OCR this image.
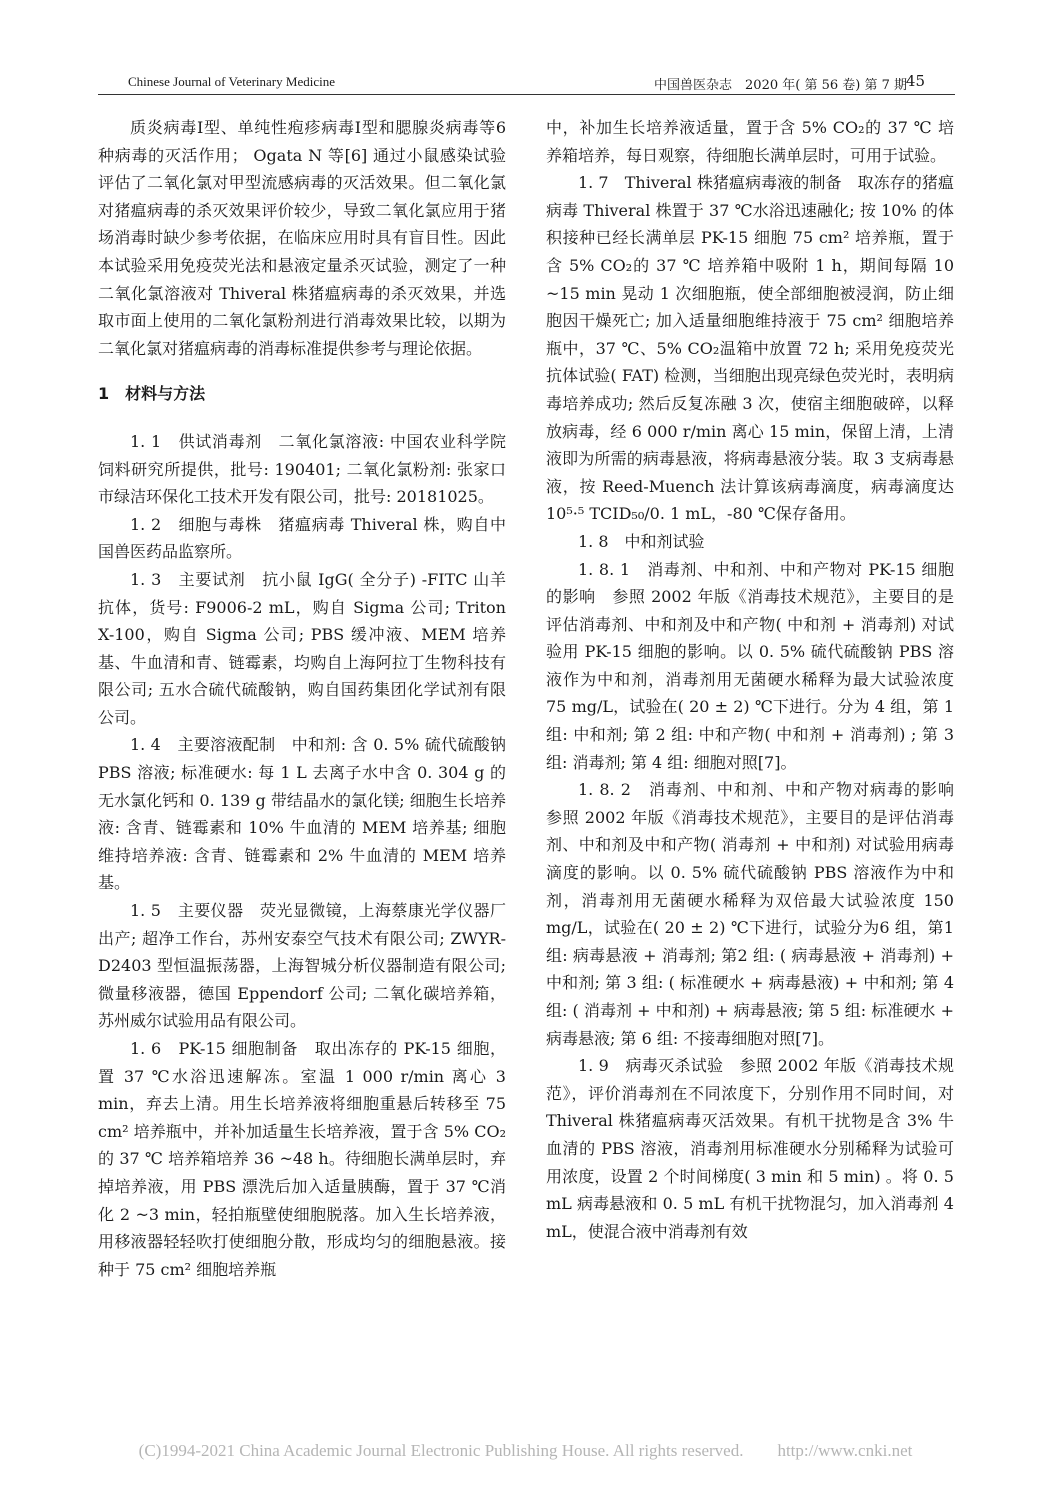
Chinese Journal of Veterinary Medicine	中国兽医杂志　2020 年( 第 56 卷) 第 7 期
45

质炎病毒Ⅰ型、单纯性疱疹病毒Ⅰ型和腮腺炎病毒等6 种病毒的灭活作用； Ogata N 等[6] 通过小鼠感染试验评估了二氧化氯对甲型流感病毒的灭活效果。但二氧化氯对猪瘟病毒的杀灭效果评价较少，导致二氧化氯应用于猪场消毒时缺少参考依据，在临床应用时具有盲目性。因此本试验采用免疫荧光法和悬液定量杀灭试验，测定了一种二氧化氯溶液对 Thiveral 株猪瘟病毒的杀灭效果，并选取市面上使用的二氧化氯粉剂进行消毒效果比较，以期为二氧化氯对猪瘟病毒的消毒标准提供参考与理论依据。

1　材料与方法

1. 1　供试消毒剂　二氧化氯溶液: 中国农业科学院饲料研究所提供，批号: 190401; 二氧化氯粉剂: 张家口市绿洁环保化工技术开发有限公司，批号: 20181025。

1. 2　细胞与毒株　猪瘟病毒 Thiveral 株，购自中国兽医药品监察所。

1. 3　主要试剂　抗小鼠 IgG( 全分子) -FITC 山羊抗体，货号: F9006-2 mL，购自 Sigma 公司; Triton X-100，购自 Sigma 公司; PBS 缓冲液、MEM 培养基、牛血清和青、链霉素，均购自上海阿拉丁生物科技有限公司; 五水合硫代硫酸钠，购自国药集团化学试剂有限公司。

1. 4　主要溶液配制　中和剂: 含 0. 5% 硫代硫酸钠 PBS 溶液; 标准硬水: 每 1 L 去离子水中含 0. 304 g 的无水氯化钙和 0. 139 g 带结晶水的氯化镁; 细胞生长培养液: 含青、链霉素和 10% 牛血清的 MEM 培养基; 细胞维持培养液: 含青、链霉素和 2% 牛血清的 MEM 培养基。

1. 5　主要仪器　荧光显微镜，上海蔡康光学仪器厂出产; 超净工作台，苏州安泰空气技术有限公司; ZWYR-D2403 型恒温振荡器，上海智城分析仪器制造有限公司; 微量移液器，德国 Eppendorf 公司; 二氧化碳培养箱，苏州威尔试验用品有限公司。

1. 6　PK-15 细胞制备　取出冻存的 PK-15 细胞，置 37 ℃水浴迅速解冻。室温 1 000 r/min 离心 3 min，弃去上清。用生长培养液将细胞重悬后转移至 75 cm² 培养瓶中，并补加适量生长培养液，置于含 5% CO₂的 37 ℃ 培养箱培养 36 ~48 h。待细胞长满单层时，弃掉培养液，用 PBS 漂洗后加入适量胰酶，置于 37 ℃消化 2 ~3 min，轻拍瓶壁使细胞脱落。加入生长培养液，用移液器轻轻吹打使细胞分散，形成均匀的细胞悬液。接种于 75 cm² 细胞培养瓶

中，补加生长培养液适量，置于含 5% CO₂的 37 ℃ 培养箱培养，每日观察，待细胞长满单层时，可用于试验。

1. 7　Thiveral 株猪瘟病毒液的制备　取冻存的猪瘟病毒 Thiveral 株置于 37 ℃水浴迅速融化; 按 10% 的体积接种已经长满单层 PK-15 细胞 75 cm² 培养瓶，置于含 5% CO₂的 37 ℃ 培养箱中吸附 1 h，期间每隔 10 ~15 min 晃动 1 次细胞瓶，使全部细胞被浸润，防止细胞因干燥死亡; 加入适量细胞维持液于 75 cm² 细胞培养瓶中，37 ℃、5% CO₂温箱中放置 72 h; 采用免疫荧光抗体试验( FAT) 检测，当细胞出现亮绿色荧光时，表明病毒培养成功; 然后反复冻融 3 次，使宿主细胞破碎，以释放病毒，经 6 000 r/min 离心 15 min，保留上清，上清液即为所需的病毒悬液，将病毒悬液分装。取 3 支病毒悬液，按 Reed-Muench 法计算该病毒滴度，病毒滴度达 10⁵·⁵ TCID₅₀/0. 1 mL，-80 ℃保存备用。

1. 8　中和剂试验

1. 8. 1　消毒剂、中和剂、中和产物对 PK-15 细胞的影响　参照 2002 年版《消毒技术规范》，主要目的是评估消毒剂、中和剂及中和产物( 中和剂 + 消毒剂) 对试验用 PK-15 细胞的影响。以 0. 5% 硫代硫酸钠 PBS 溶液作为中和剂，消毒剂用无菌硬水稀释为最大试验浓度 75 mg/L，试验在( 20 ± 2) ℃下进行。分为 4 组，第 1 组: 中和剂; 第 2 组: 中和产物( 中和剂 + 消毒剂) ; 第 3 组: 消毒剂; 第 4 组: 细胞对照[7]。

1. 8. 2　消毒剂、中和剂、中和产物对病毒的影响　参照 2002 年版《消毒技术规范》，主要目的是评估消毒剂、中和剂及中和产物( 消毒剂 + 中和剂) 对试验用病毒滴度的影响。以 0. 5% 硫代硫酸钠 PBS 溶液作为中和剂，消毒剂用无菌硬水稀释为双倍最大试验浓度 150 mg/L，试验在( 20 ± 2) ℃下进行，试验分为6 组，第1 组: 病毒悬液 + 消毒剂; 第2 组: ( 病毒悬液 + 消毒剂) + 中和剂; 第 3 组: ( 标准硬水 + 病毒悬液) + 中和剂; 第 4 组: ( 消毒剂 + 中和剂) + 病毒悬液; 第 5 组: 标准硬水 + 病毒悬液; 第 6 组: 不接毒细胞对照[7]。

1. 9　病毒灭杀试验　参照 2002 年版《消毒技术规范》，评价消毒剂在不同浓度下，分别作用不同时间，对 Thiveral 株猪瘟病毒灭活效果。有机干扰物是含 3% 牛血清的 PBS 溶液，消毒剂用标准硬水分别稀释为试验可用浓度，设置 2 个时间梯度( 3 min 和 5 min) 。将 0. 5 mL 病毒悬液和 0. 5 mL 有机干扰物混匀，加入消毒剂 4 mL，使混合液中消毒剂有效

(C)1994-2021 China Academic Journal Electronic Publishing House. All rights reserved.　　http://www.cnki.net
